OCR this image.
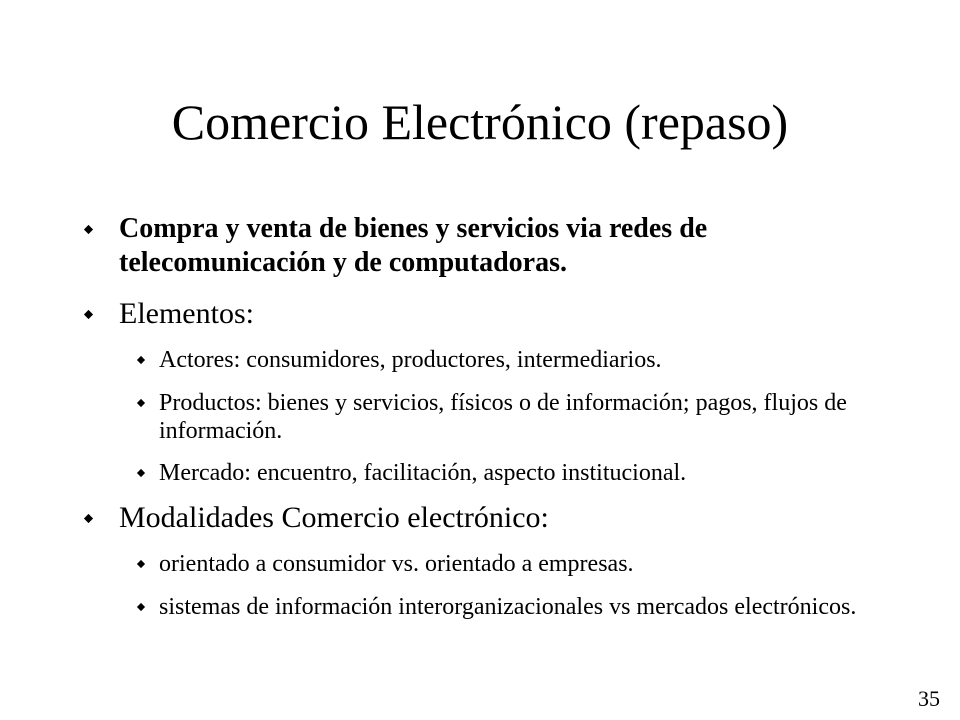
Comercio Electrónico (repaso)
Compra y venta de bienes y servicios via redes de telecomunicación y de computadoras.
Elementos:
Actores: consumidores, productores, intermediarios.
Productos: bienes y servicios, físicos o de información; pagos, flujos de información.
Mercado: encuentro, facilitación, aspecto institucional.
Modalidades Comercio electrónico:
orientado a consumidor vs. orientado a empresas.
sistemas de información interorganizacionales vs mercados electrónicos.
35
